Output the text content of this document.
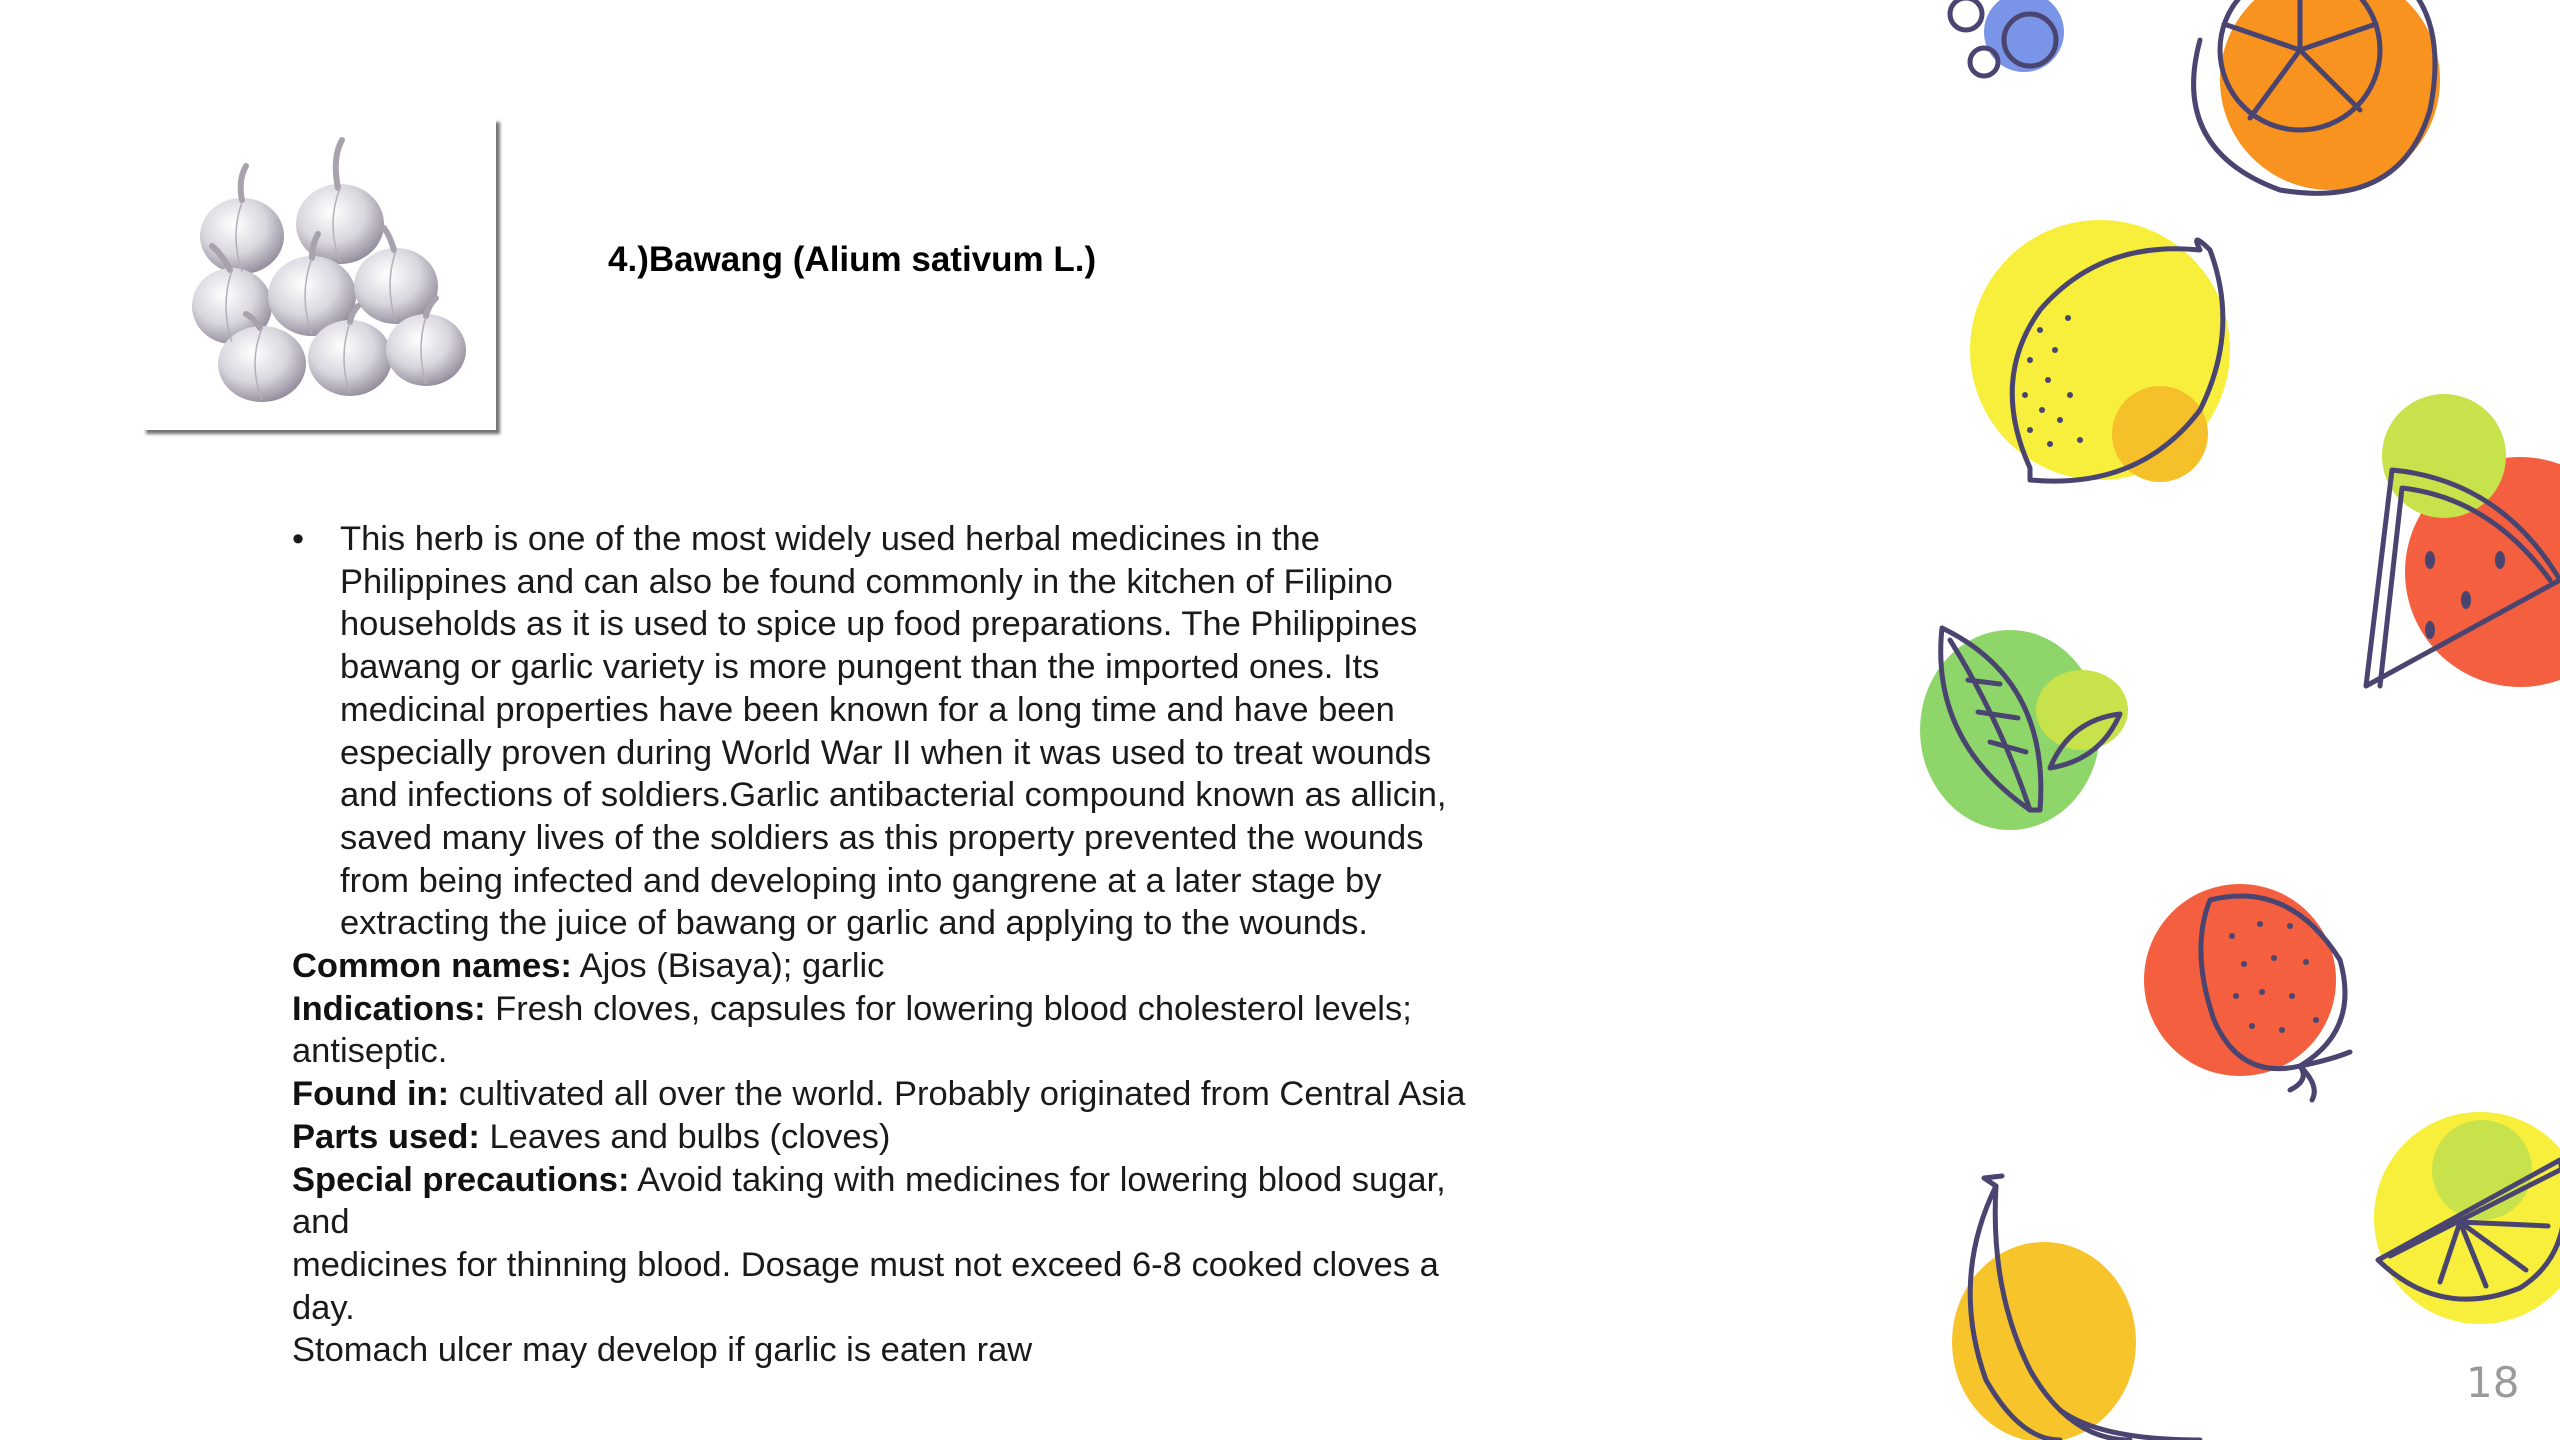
4.)Bawang (Alium sativum L.)
•	This herb is one of the most widely used herbal medicines in the
Philippines and can also be found commonly in the kitchen of Filipino
households as it is used to spice up food preparations. The Philippines
bawang or garlic variety is more pungent than the imported ones. Its
medicinal properties have been known for a long time and have been
especially proven during World War II when it was used to treat wounds
and infections of soldiers.Garlic antibacterial compound known as allicin,
saved many lives of the soldiers as this property prevented the wounds
from being infected and developing into gangrene at a later stage by
extracting the juice of bawang or garlic and applying to the wounds.
Common names: Ajos (Bisaya); garlic
Indications: Fresh cloves, capsules for lowering blood cholesterol levels;
antiseptic.
Found in: cultivated all over the world. Probably originated from Central Asia
Parts used: Leaves and bulbs (cloves)
Special precautions: Avoid taking with medicines for lowering blood sugar,
and
medicines for thinning blood. Dosage must not exceed 6-8 cooked cloves a
day.
Stomach ulcer may develop if garlic is eaten raw
18
